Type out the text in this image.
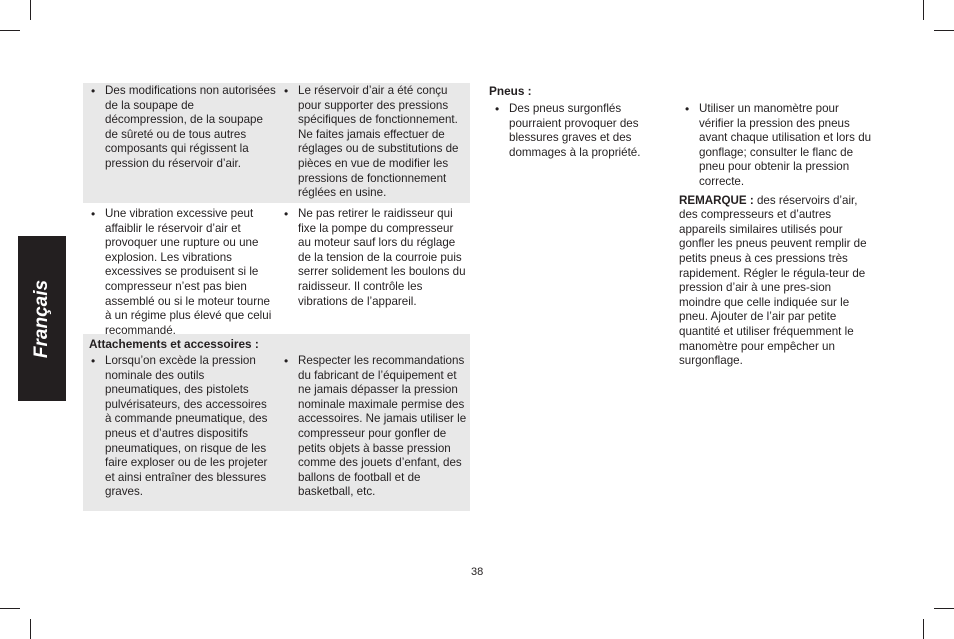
Français
• Des modifications non autorisées de la soupape de décompression, de la soupape de sûreté ou de tous autres composants qui régissent la pression du réservoir d’air.
• Le réservoir d’air a été conçu pour supporter des pressions spécifiques de fonctionnement. Ne faites jamais effectuer de réglages ou de substitutions de pièces en vue de modifier les pressions de fonctionnement réglées en usine.
• Une vibration excessive peut affaiblir le réservoir d’air et provoquer une rupture ou une explosion. Les vibrations excessives se produisent si le compresseur n’est pas bien assemblé ou si le moteur tourne à un régime plus élevé que celui recommandé.
• Ne pas retirer le raidisseur qui fixe la pompe du compresseur au moteur sauf lors du réglage de la tension de la courroie puis serrer solidement les boulons du raidisseur. Il contrôle les vibrations de l’appareil.
• Lorsqu’on excède la pression nominale des outils pneumatiques, des pistolets pulvérisateurs, des accessoires à commande pneumatique, des pneus et d’autres dispositifs pneumatiques, on risque de les faire exploser ou de les projeter et ainsi entraîner des blessures graves.
• Respecter les recommandations du fabricant de l’équipement et ne jamais dépasser la pression nominale maximale permise des accessoires. Ne jamais utiliser le compresseur pour gonfler de petits objets à basse pression comme des jouets d’enfant, des ballons de football et de basketball, etc.
Attachements et accessoires :
Pneus :
• Des pneus surgonflés pourraient provoquer des blessures graves et des dommages à la propriété.
• Utiliser un manomètre pour vérifier la pression des pneus avant chaque utilisation et lors du gonflage; consulter le flanc de pneu pour obtenir la pression correcte.

REMARQUE : des réservoirs d’air, des compresseurs et d’autres appareils similaires utilisés pour gonfler les pneus peuvent remplir de petits pneus à ces pressions très rapidement. Régler le régula-teur de pression d’air à une pres-sion moindre que celle indiquée sur le pneu. Ajouter de l’air par petite quantité et utiliser fréquemment le manomètre pour empêcher un surgonflage.

38
